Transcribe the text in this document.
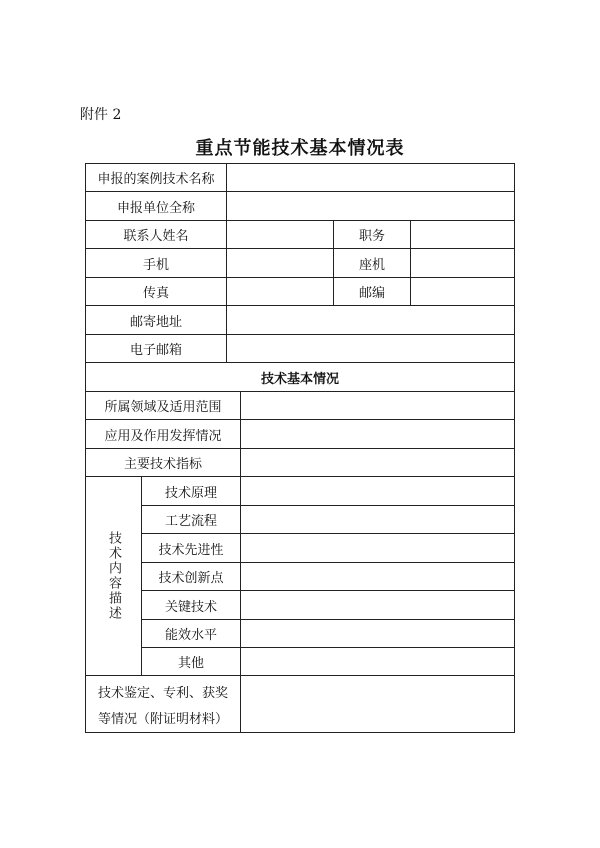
附件 2
重点节能技术基本情况表
申报的案例技术名称
申报单位全称
联系人姓名	职务
手机	座机
传真	邮编
邮寄地址
电子邮箱
技术基本情况
所属领域及适用范围
应用及作用发挥情况
主要技术指标
技术内容描述
技术原理
工艺流程
技术先进性
技术创新点
关键技术
能效水平
其他
技术鉴定、专利、获奖
等情况（附证明材料）
